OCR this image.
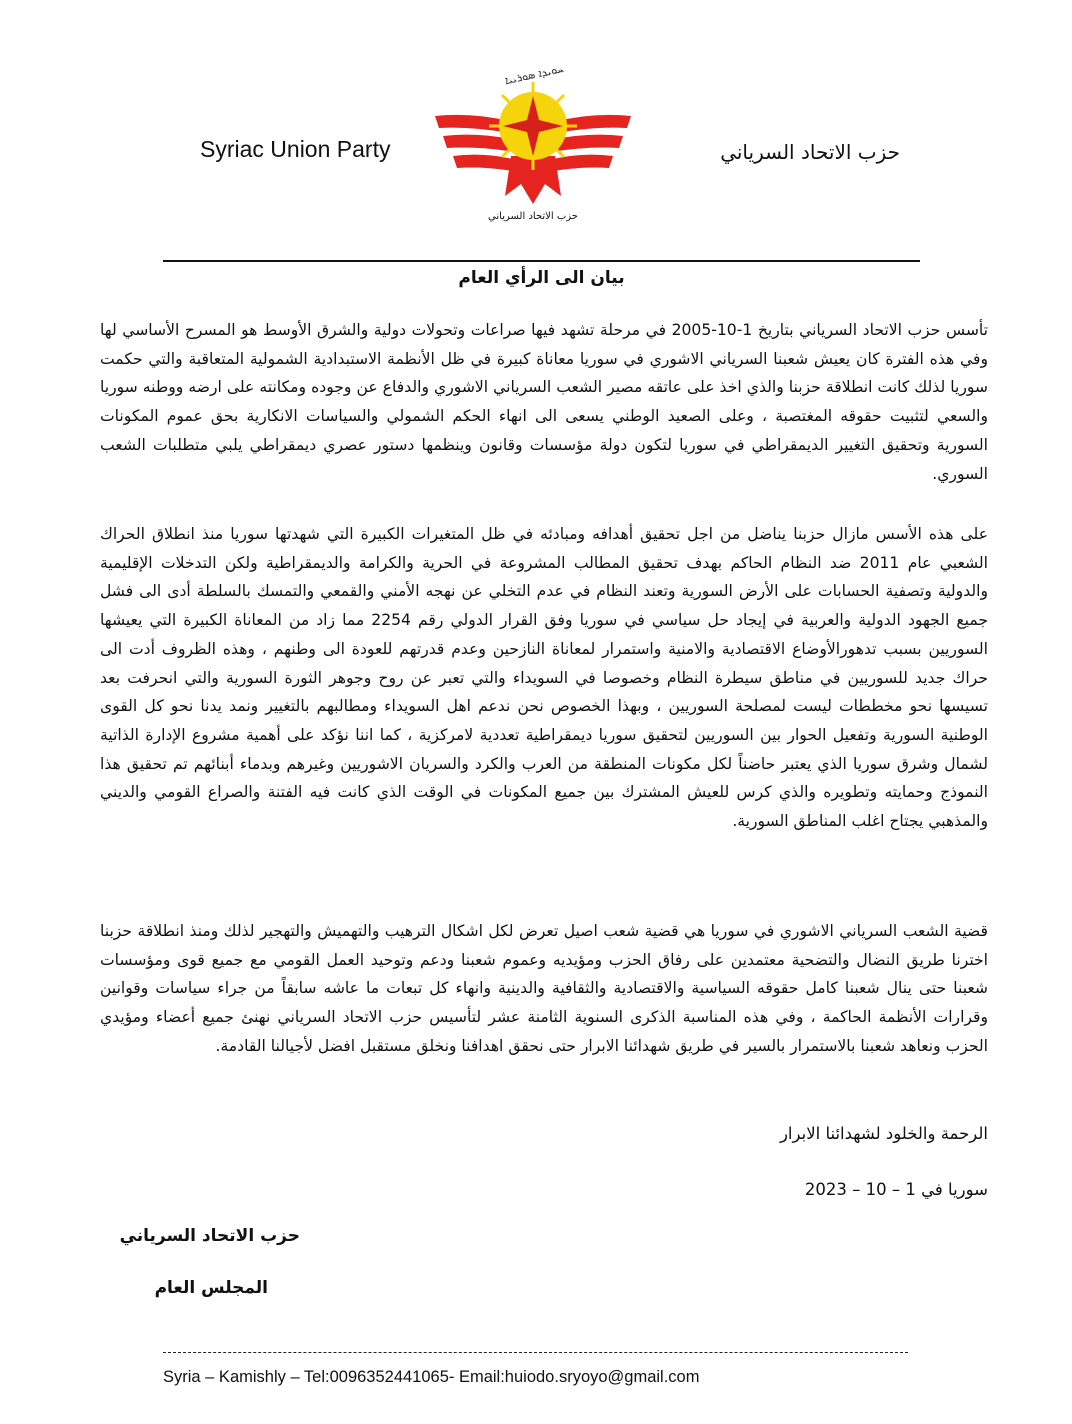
Syriac Union Party	حزب الاتحاد السرياني
ܚܘܝܕܐ ܣܘܪܝܝܐ
حزب الاتحاد السرياني
بيان الى الرأي العام
تأسس حزب الاتحاد السرياني بتاريخ 1-10-2005 في مرحلة تشهد فيها صراعات وتحولات دولية والشرق الأوسط هو المسرح الأساسي لها وفي هذه الفترة كان يعيش شعبنا السرياني الاشوري في سوريا معاناة كبيرة في ظل الأنظمة الاستبدادية الشمولية المتعاقبة والتي حكمت سوريا لذلك كانت انطلاقة حزبنا والذي اخذ على عاتقه مصير الشعب السرياني الاشوري والدفاع عن وجوده ومكانته على ارضه ووطنه سوريا والسعي لتثبيت حقوقه المغتصبة ، وعلى الصعيد الوطني يسعى الى انهاء الحكم الشمولي والسياسات الانكارية بحق عموم المكونات السورية وتحقيق التغيير الديمقراطي في سوريا لتكون دولة مؤسسات وقانون وينظمها دستور عصري ديمقراطي يلبي متطلبات الشعب السوري.
على هذه الأسس مازال حزبنا يناضل من اجل تحقيق أهدافه ومبادئه في ظل المتغيرات الكبيرة التي شهدتها سوريا منذ انطلاق الحراك الشعبي عام 2011 ضد النظام الحاكم بهدف تحقيق المطالب المشروعة في الحرية والكرامة والديمقراطية ولكن التدخلات الإقليمية والدولية وتصفية الحسابات على الأرض السورية وتعند النظام في عدم التخلي عن نهجه الأمني والقمعي والتمسك بالسلطة أدى الى فشل جميع الجهود الدولية والعربية في إيجاد حل سياسي في سوريا وفق القرار الدولي رقم 2254 مما زاد من المعاناة الكبيرة التي يعيشها السوريين بسبب تدهورالأوضاع الاقتصادية والامنية واستمرار لمعاناة النازحين وعدم قدرتهم للعودة الى وطنهم ، وهذه الظروف أدت الى حراك جديد للسوريين في مناطق سيطرة النظام وخصوصا في السويداء والتي تعبر عن روح وجوهر الثورة السورية والتي انحرفت بعد تسيسها نحو مخططات ليست لمصلحة السوريين ، وبهذا الخصوص نحن ندعم اهل السويداء ومطالبهم بالتغيير ونمد يدنا نحو كل القوى الوطنية السورية وتفعيل الحوار بين السوريين لتحقيق سوريا ديمقراطية تعددية لامركزية ، كما اننا نؤكد على أهمية مشروع الإدارة الذاتية لشمال وشرق سوريا الذي يعتبر حاضناً لكل مكونات المنطقة من العرب والكرد والسريان الاشوريين وغيرهم وبدماء أبنائهم تم تحقيق هذا النموذج وحمايته وتطويره والذي كرس للعيش المشترك بين جميع المكونات في الوقت الذي كانت فيه الفتنة والصراع القومي والديني والمذهبي يجتاح اغلب المناطق السورية.
قضية الشعب السرياني الاشوري في سوريا هي قضية شعب اصيل تعرض لكل اشكال الترهيب والتهميش والتهجير لذلك ومنذ انطلاقة حزبنا اخترنا طريق النضال والتضحية معتمدين على رفاق الحزب ومؤيديه وعموم شعبنا ودعم وتوحيد العمل القومي مع جميع قوى ومؤسسات شعبنا حتى ينال شعبنا كامل حقوقه السياسية والاقتصادية والثقافية والدينية وانهاء كل تبعات ما عاشه سابقاً من جراء سياسات وقوانين وقرارات الأنظمة الحاكمة ، وفي هذه المناسبة الذكرى السنوية الثامنة عشر لتأسيس حزب الاتحاد السرياني نهنئ جميع أعضاء ومؤيدي الحزب ونعاهد شعبنا بالاستمرار بالسير في طريق شهدائنا الابرار حتى نحقق اهدافنا ونخلق مستقبل افضل لأجيالنا القادمة.
الرحمة والخلود لشهدائنا الابرار
سوريا في 1 – 10 – 2023
حزب الاتحاد السرياني
المجلس العام
Syria – Kamishly – Tel:0096352441065- Email:huiodo.sryoyo@gmail.com
